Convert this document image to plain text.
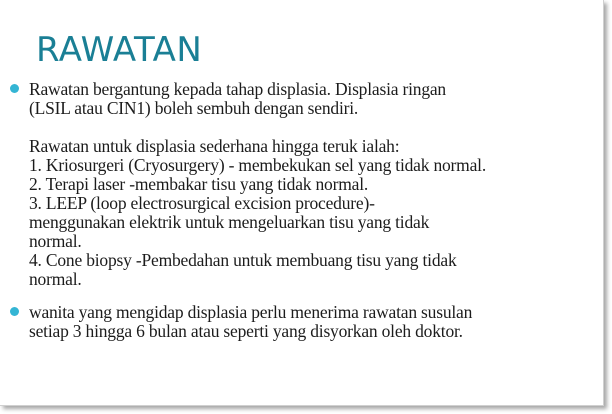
RAWATAN
Rawatan bergantung kepada tahap displasia. Displasia ringan
(LSIL atau CIN1) boleh sembuh dengan sendiri.
Rawatan untuk displasia sederhana hingga teruk ialah:
1. Kriosurgeri (Cryosurgery) - membekukan sel yang tidak normal.
2. Terapi laser -membakar tisu yang tidak normal.
3. LEEP (loop electrosurgical excision procedure)-
menggunakan elektrik untuk mengeluarkan tisu yang tidak
normal.
4. Cone biopsy -Pembedahan untuk membuang tisu yang tidak
normal.
wanita yang mengidap displasia perlu menerima rawatan susulan
setiap 3 hingga 6 bulan atau seperti yang disyorkan oleh doktor.
